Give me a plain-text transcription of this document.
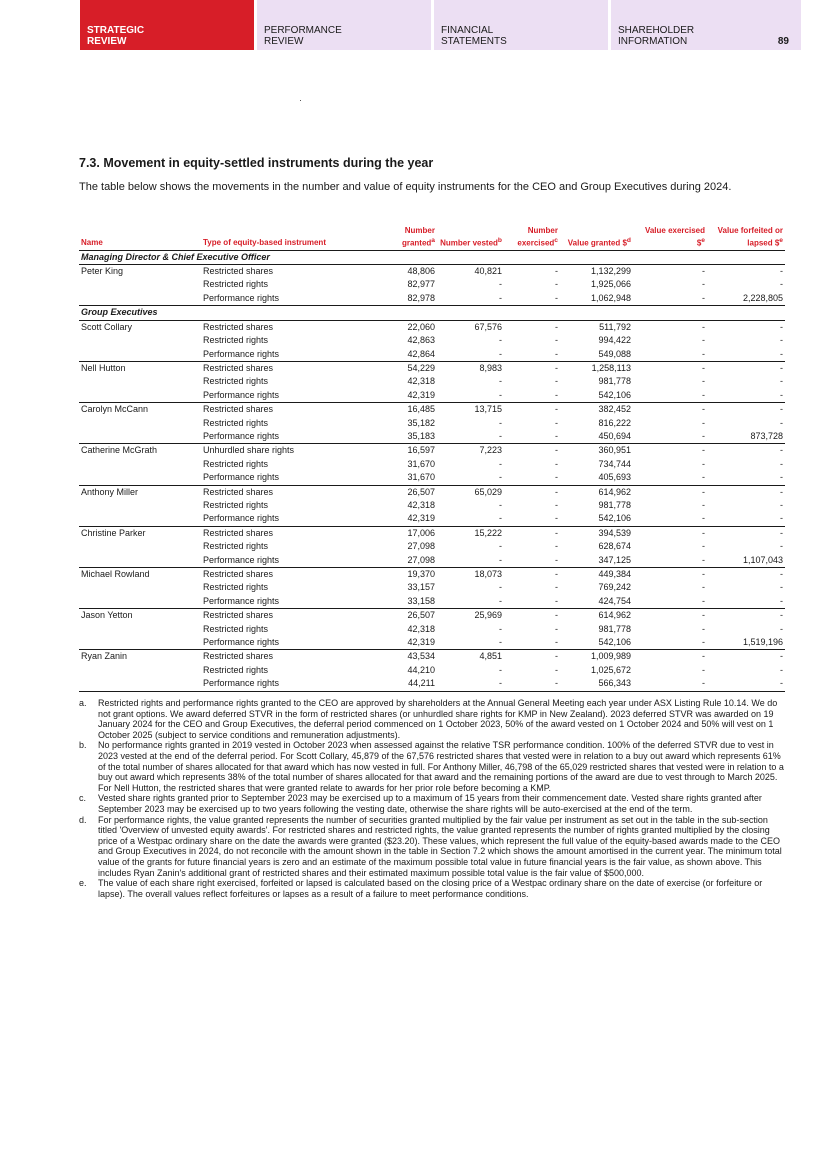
STRATEGIC
REVIEW
PERFORMANCE
REVIEW
FINANCIAL
STATEMENTS
SHAREHOLDER
INFORMATION	89
7.3. Movement in equity-settled instruments during the year

The table below shows the movements in the number and value of equity instruments for the CEO and Group Executives during 2024.

Name	Type of equity-based instrument	Number granted$^a$	Number vested$^b$	Number exercised$^c$	Value granted \$$^d$	Value exercised \$$^e$	Value forfeited or lapsed \$$^e$
Managing Director & Chief Executive Officer							
Peter King	Restricted shares	48,806	40,821	-	1,132,299	-	-
	Restricted rights	82,977	-	-	1,925,066	-	-
	Performance rights	82,978	-	-	1,062,948	-	2,228,805
Group Executives							
Scott Collary	Restricted shares	22,060	67,576	-	511,792	-	-
	Restricted rights	42,863	-	-	994,422	-	-
	Performance rights	42,864	-	-	549,088	-	-
Nell Hutton	Restricted shares	54,229	8,983	-	1,258,113	-	-
	Restricted rights	42,318	-	-	981,778	-	-
	Performance rights	42,319	-	-	542,106	-	-
Carolyn McCann	Restricted shares	16,485	13,715	-	382,452	-	-
	Restricted rights	35,182	-	-	816,222	-	-
	Performance rights	35,183	-	-	450,694	-	873,728
Catherine McGrath	Unhurdled share rights	16,597	7,223	-	360,951	-	-
	Restricted rights	31,670	-	-	734,744	-	-
	Performance rights	31,670	-	-	405,693	-	-
Anthony Miller	Restricted shares	26,507	65,029	-	614,962	-	-
	Restricted rights	42,318	-	-	981,778	-	-
	Performance rights	42,319	-	-	542,106	-	-
Christine Parker	Restricted shares	17,006	15,222	-	394,539	-	-
	Restricted rights	27,098	-	-	628,674	-	-
	Performance rights	27,098	-	-	347,125	-	1,107,043
Michael Rowland	Restricted shares	19,370	18,073	-	449,384	-	-
	Restricted rights	33,157	-	-	769,242	-	-
	Performance rights	33,158	-	-	424,754	-	-
Jason Yetton	Restricted shares	26,507	25,969	-	614,962	-	-
	Restricted rights	42,318	-	-	981,778	-	-
	Performance rights	42,319	-	-	542,106	-	1,519,196
Ryan Zanin	Restricted shares	43,534	4,851	-	1,009,989	-	-
	Restricted rights	44,210	-	-	1,025,672	-	-
	Performance rights	44,211	-	-	566,343	-	-
a.	Restricted rights and performance rights granted to the CEO are approved by shareholders at the Annual General Meeting each year under ASX Listing Rule 10.14. We do not grant options. We award deferred STVR in the form of restricted shares (or unhurdled share rights for KMP in New Zealand). 2023 deferred STVR was awarded on 19 January 2024 for the CEO and Group Executives, the deferral period commenced on 1 October 2023, 50% of the award vested on 1 October 2024 and 50% will vest on 1 October 2025 (subject to service conditions and remuneration adjustments).
b.	No performance rights granted in 2019 vested in October 2023 when assessed against the relative TSR performance condition. 100% of the deferred STVR due to vest in 2023 vested at the end of the deferral period. For Scott Collary, 45,879 of the 67,576 restricted shares that vested were in relation to a buy out award which represents 61% of the total number of shares allocated for that award which has now vested in full. For Anthony Miller, 46,798 of the 65,029 restricted shares that vested were in relation to a buy out award which represents 38% of the total number of shares allocated for that award and the remaining portions of the award are due to vest through to March 2025. For Nell Hutton, the restricted shares that were granted relate to awards for her prior role before becoming a KMP.
c.	Vested share rights granted prior to September 2023 may be exercised up to a maximum of 15 years from their commencement date. Vested share rights granted after September 2023 may be exercised up to two years following the vesting date, otherwise the share rights will be auto-exercised at the end of the term.
d.	For performance rights, the value granted represents the number of securities granted multiplied by the fair value per instrument as set out in the table in the sub-section titled 'Overview of unvested equity awards'. For restricted shares and restricted rights, the value granted represents the number of rights granted multiplied by the closing price of a Westpac ordinary share on the date the awards were granted ($23.20). These values, which represent the full value of the equity-based awards made to the CEO and Group Executives in 2024, do not reconcile with the amount shown in the table in Section 7.2 which shows the amount amortised in the current year. The minimum total value of the grants for future financial years is zero and an estimate of the maximum possible total value in future financial years is the fair value, as shown above. This includes Ryan Zanin's additional grant of restricted shares and their estimated maximum possible total value is the fair value of $500,000.
e.	The value of each share right exercised, forfeited or lapsed is calculated based on the closing price of a Westpac ordinary share on the date of exercise (or forfeiture or lapse). The overall values reflect forfeitures or lapses as a result of a failure to meet performance conditions.
